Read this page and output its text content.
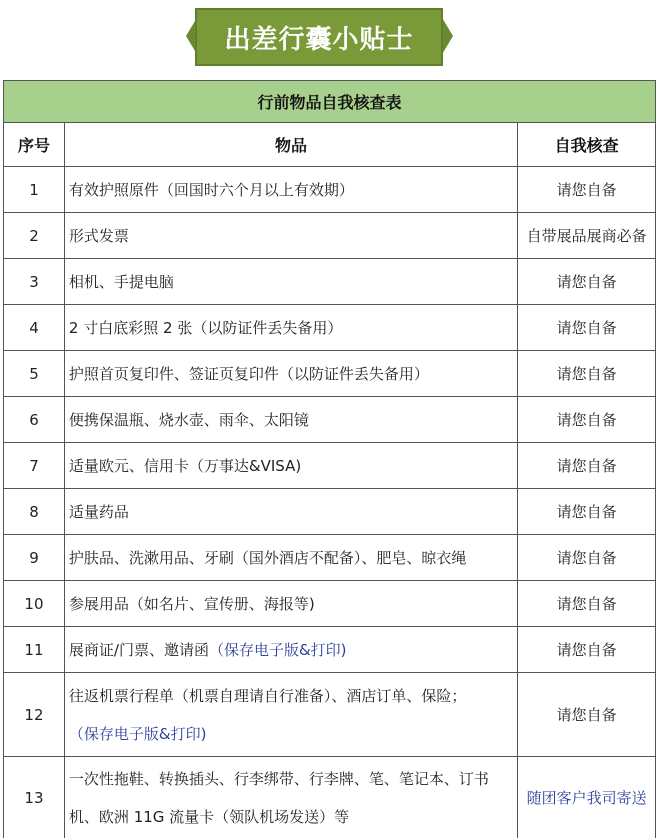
出差行囊小贴士
行前物品自我核查表		
序号	物品	自我核查
1	有效护照原件（回国时六个月以上有效期）	请您自备
2	形式发票	自带展品展商必备
3	相机、手提电脑	请您自备
4	2 寸白底彩照 2 张（以防证件丢失备用）	请您自备
5	护照首页复印件、签证页复印件（以防证件丢失备用）	请您自备
6	便携保温瓶、烧水壶、雨伞、太阳镜	请您自备
7	适量欧元、信用卡（万事达&VISA)	请您自备
8	适量药品	请您自备
9	护肤品、洗漱用品、牙刷（国外酒店不配备）、肥皂、晾衣绳	请您自备
10	参展用品（如名片、宣传册、海报等)	请您自备
11	展商证/门票、邀请函（保存电子版&打印)	请您自备
12	往返机票行程单（机票自理请自行准备）、酒店订单、保险；
（保存电子版&打印)	请您自备
13	一次性拖鞋、转换插头、行李绑带、行李牌、笔、笔记本、订书
机、欧洲 11G 流量卡（领队机场发送）等	随团客户我司寄送
